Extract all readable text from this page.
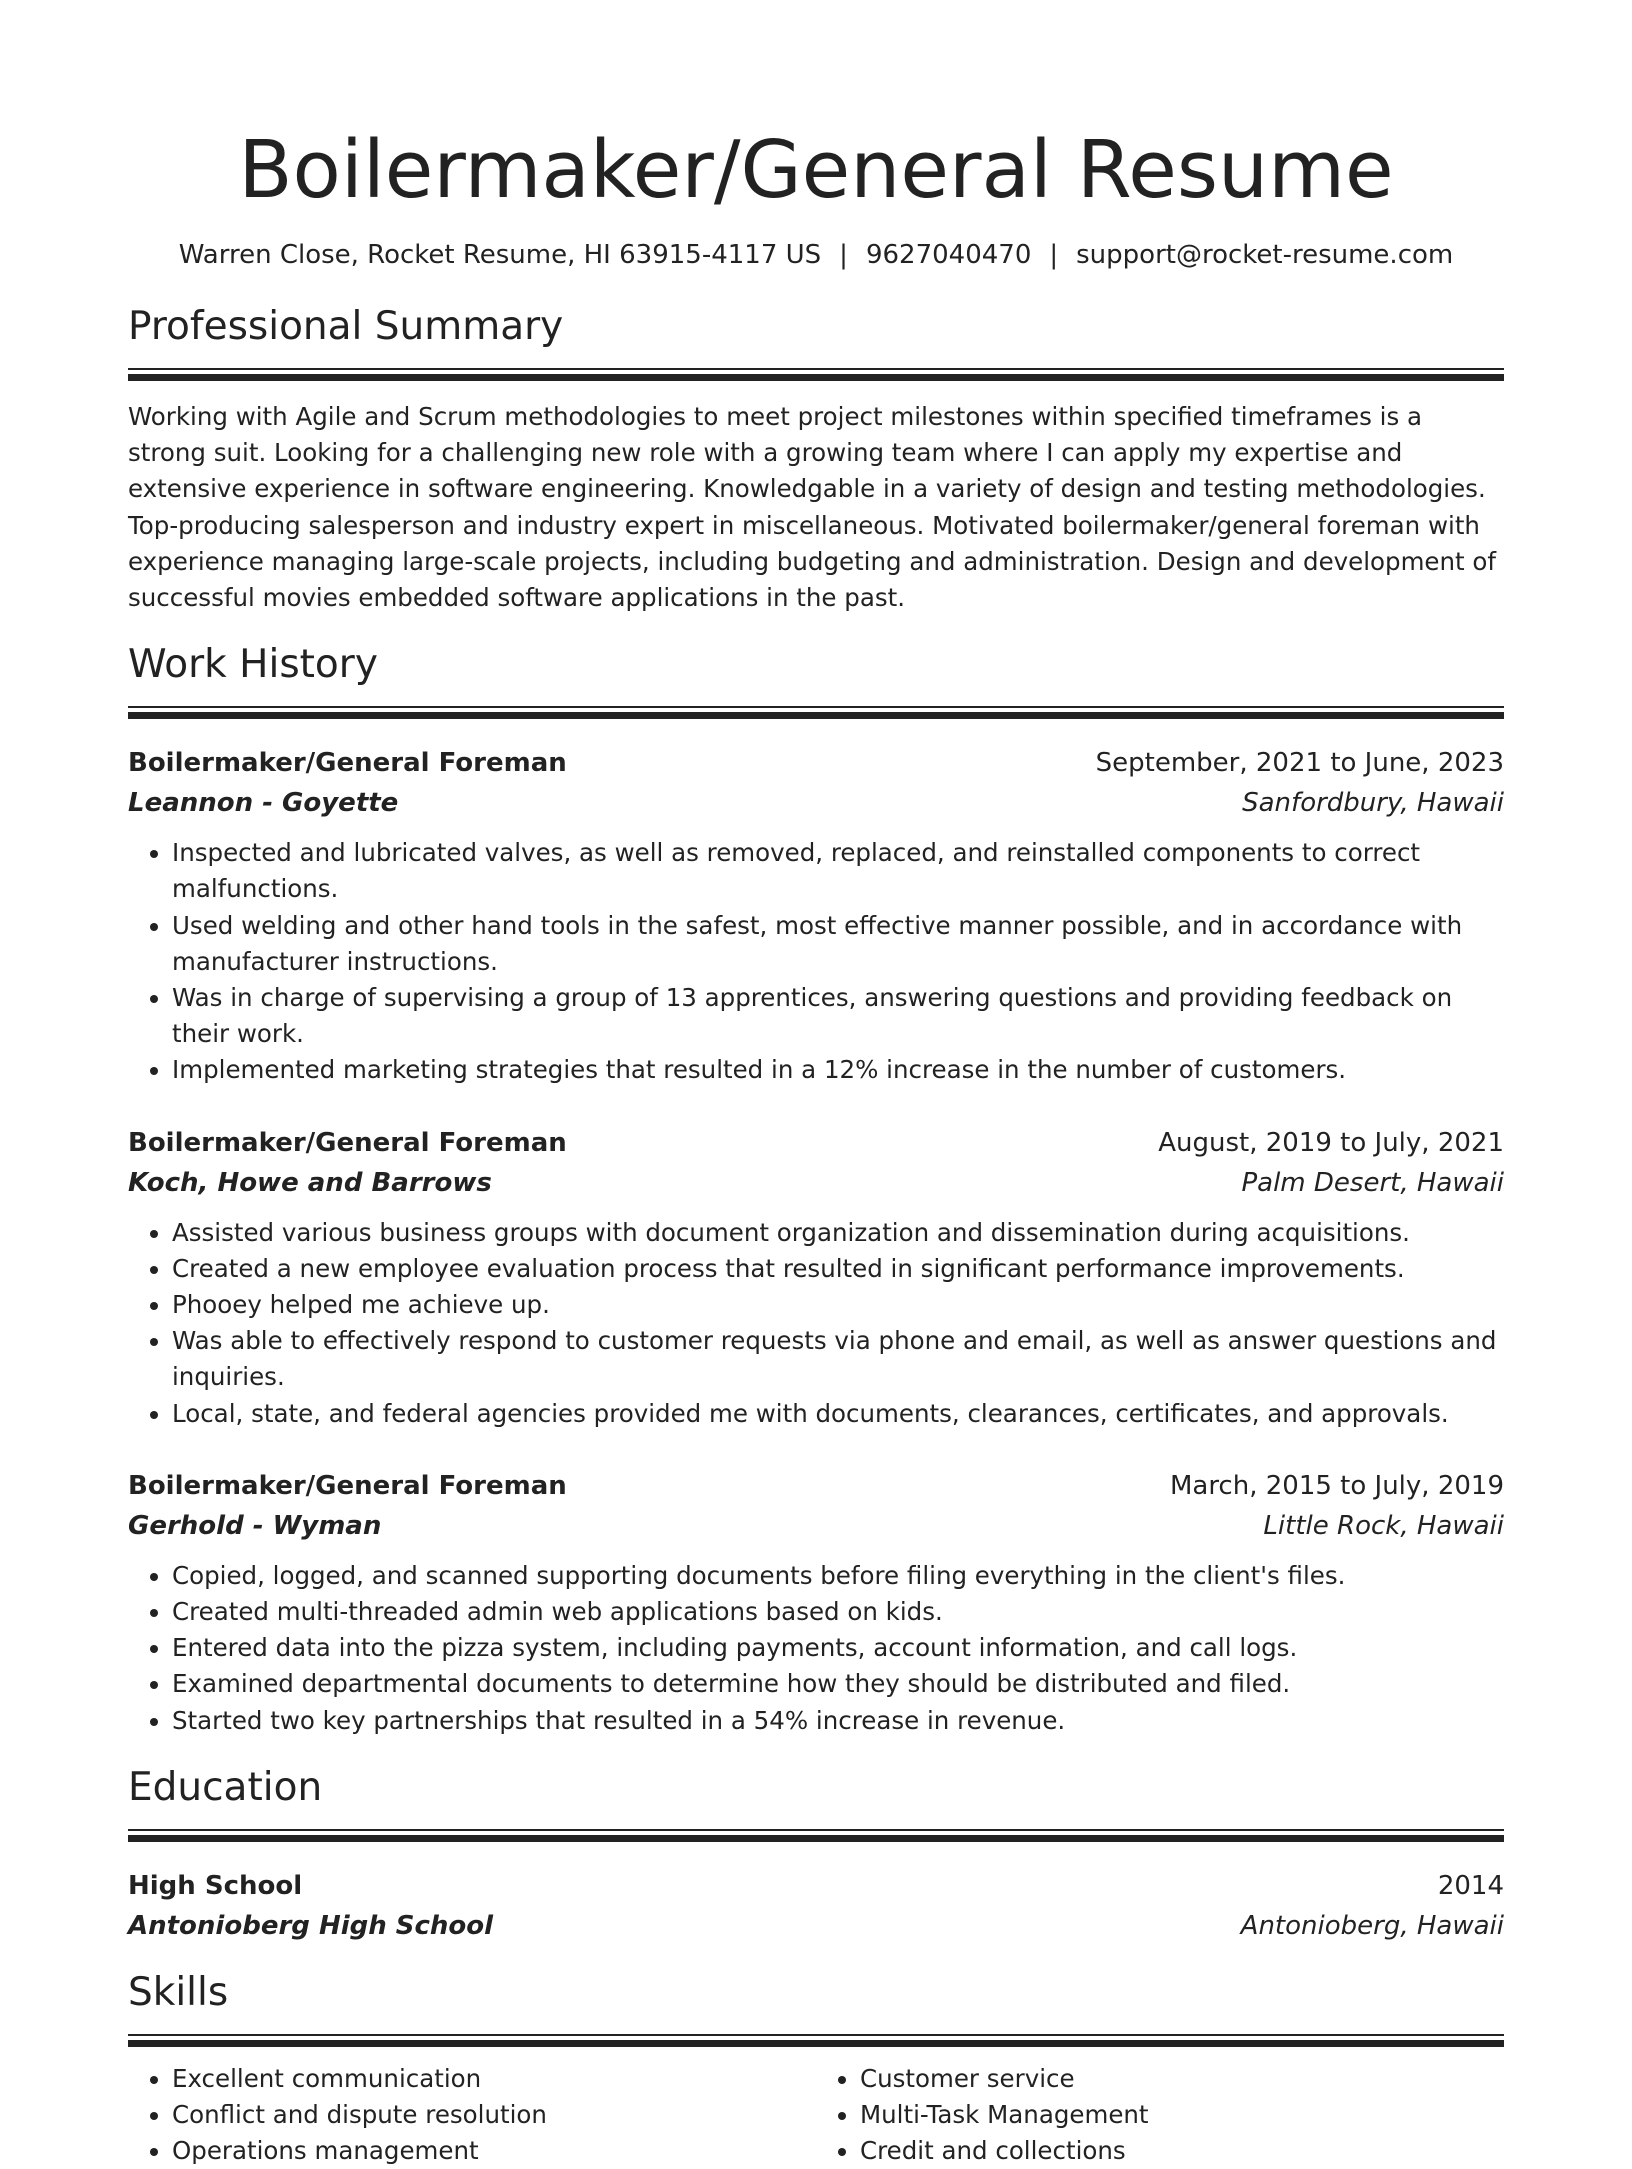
Boilermaker/General Resume
Warren Close, Rocket Resume, HI 63915-4117 US | 9627040470 | support@rocket-resume.com
Professional Summary
Working with Agile and Scrum methodologies to meet project milestones within specified timeframes is a strong suit. Looking for a challenging new role with a growing team where I can apply my expertise and extensive experience in software engineering. Knowledgable in a variety of design and testing methodologies. Top-producing salesperson and industry expert in miscellaneous. Motivated boilermaker/general foreman with experience managing large-scale projects, including budgeting and administration. Design and development of successful movies embedded software applications in the past.
Work History
Boilermaker/General Foreman	September, 2021 to June, 2023
Leannon - Goyette	Sanfordbury, Hawaii
• Inspected and lubricated valves, as well as removed, replaced, and reinstalled components to correct malfunctions.
• Used welding and other hand tools in the safest, most effective manner possible, and in accordance with manufacturer instructions.
• Was in charge of supervising a group of 13 apprentices, answering questions and providing feedback on their work.
• Implemented marketing strategies that resulted in a 12% increase in the number of customers.
Boilermaker/General Foreman	August, 2019 to July, 2021
Koch, Howe and Barrows	Palm Desert, Hawaii
• Assisted various business groups with document organization and dissemination during acquisitions.
• Created a new employee evaluation process that resulted in significant performance improvements.
• Phooey helped me achieve up.
• Was able to effectively respond to customer requests via phone and email, as well as answer questions and inquiries.
• Local, state, and federal agencies provided me with documents, clearances, certificates, and approvals.
Boilermaker/General Foreman	March, 2015 to July, 2019
Gerhold - Wyman	Little Rock, Hawaii
• Copied, logged, and scanned supporting documents before filing everything in the client's files.
• Created multi-threaded admin web applications based on kids.
• Entered data into the pizza system, including payments, account information, and call logs.
• Examined departmental documents to determine how they should be distributed and filed.
• Started two key partnerships that resulted in a 54% increase in revenue.
Education
High School	2014
Antonioberg High School	Antonioberg, Hawaii
Skills
• Excellent communication
• Conflict and dispute resolution
• Operations management
• Customer service
• Multi-Task Management
• Credit and collections
